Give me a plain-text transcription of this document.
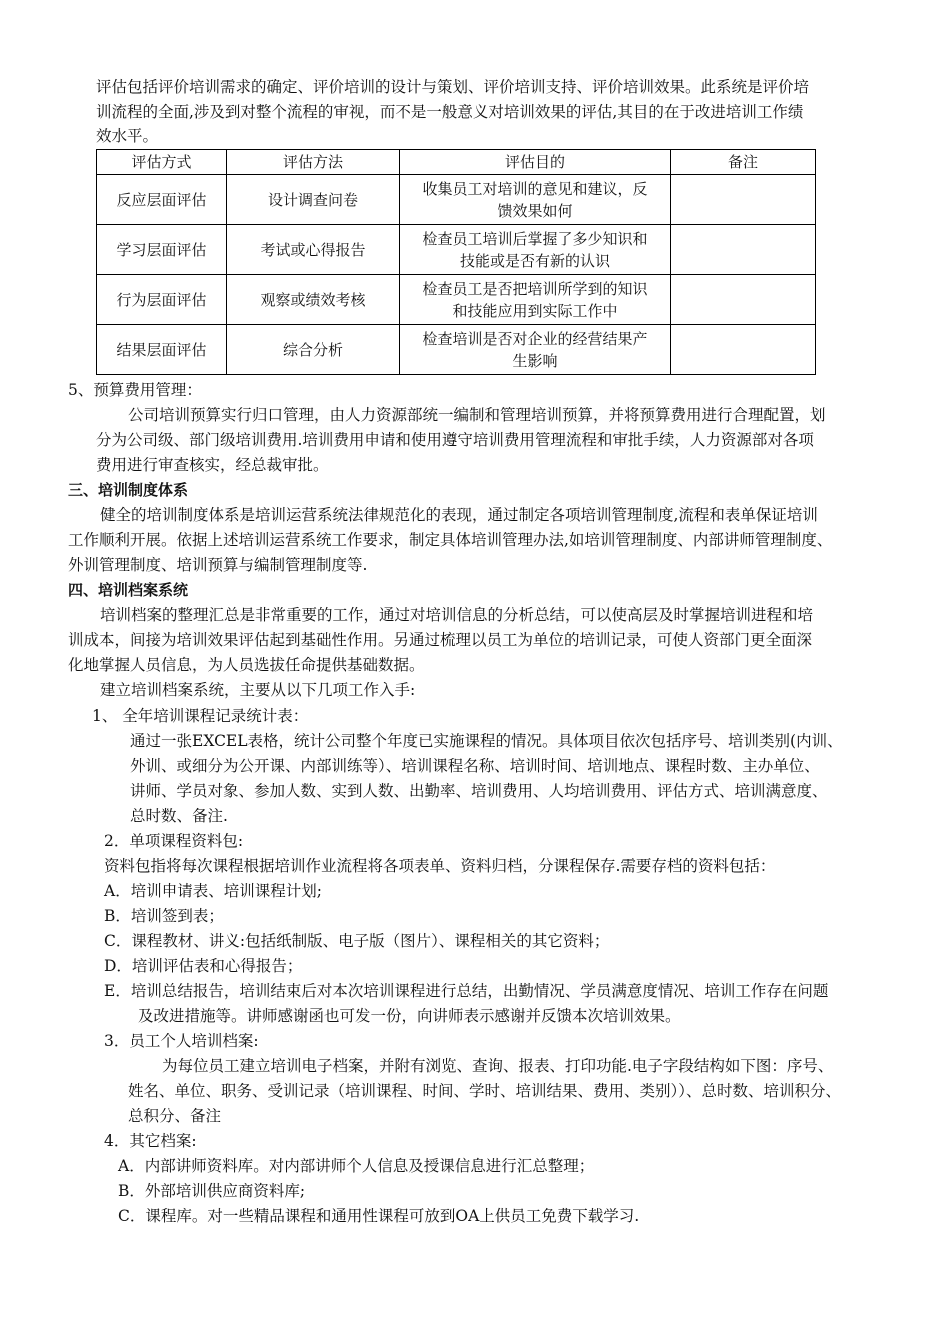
评估包括评价培训需求的确定、评价培训的设计与策划、评价培训支持、评价培训效果。此系统是评价培

训流程的全面,涉及到对整个流程的审视，而不是一般意义对培训效果的评估,其目的在于改进培训工作绩

效水平。

评估方式	评估方法	评估目的	备注
反应层面评估	设计调查问卷	收集员工对培训的意见和建议，反
馈效果如何	
学习层面评估	考试或心得报告	检查员工培训后掌握了多少知识和
技能或是否有新的认识	
行为层面评估	观察或绩效考核	检查员工是否把培训所学到的知识
和技能应用到实际工作中	
结果层面评估	综合分析	检查培训是否对企业的经营结果产
生影响	

5、预算费用管理：

公司培训预算实行归口管理，由人力资源部统一编制和管理培训预算，并将预算费用进行合理配置，划

分为公司级、部门级培训费用.培训费用申请和使用遵守培训费用管理流程和审批手续，人力资源部对各项

费用进行审查核实，经总裁审批。

三、培训制度体系

健全的培训制度体系是培训运营系统法律规范化的表现，通过制定各项培训管理制度,流程和表单保证培训

工作顺利开展。依据上述培训运营系统工作要求，制定具体培训管理办法,如培训管理制度、内部讲师管理制度、

外训管理制度、培训预算与编制管理制度等.

四、培训档案系统

培训档案的整理汇总是非常重要的工作，通过对培训信息的分析总结，可以使高层及时掌握培训进程和培

训成本，间接为培训效果评估起到基础性作用。另通过梳理以员工为单位的培训记录，可使人资部门更全面深

化地掌握人员信息，为人员选拔任命提供基础数据。

建立培训档案系统，主要从以下几项工作入手:

1、 全年培训课程记录统计表：

通过一张EXCEL表格，统计公司整个年度已实施课程的情况。具体项目依次包括序号、培训类别(内训、

外训、或细分为公开课、内部训练等）、培训课程名称、培训时间、培训地点、课程时数、主办单位、

讲师、学员对象、参加人数、实到人数、出勤率、培训费用、人均培训费用、评估方式、培训满意度、

总时数、备注.

2．单项课程资料包:

资料包指将每次课程根据培训作业流程将各项表单、资料归档，分课程保存.需要存档的资料包括：

A．培训申请表、培训课程计划;

B．培训签到表；

C．课程教材、讲义:包括纸制版、电子版（图片）、课程相关的其它资料；

D．培训评估表和心得报告；

E．培训总结报告，培训结束后对本次培训课程进行总结，出勤情况、学员满意度情况、培训工作存在问题

及改进措施等。讲师感谢函也可发一份，向讲师表示感谢并反馈本次培训效果。

3．员工个人培训档案:

为每位员工建立培训电子档案，并附有浏览、查询、报表、打印功能.电子字段结构如下图：序号、

姓名、单位、职务、受训记录（培训课程、时间、学时、培训结果、费用、类别））、总时数、培训积分、

总积分、备注

4．其它档案:

A．内部讲师资料库。对内部讲师个人信息及授课信息进行汇总整理；

B．外部培训供应商资料库;

C．课程库。对一些精品课程和通用性课程可放到OA上供员工免费下载学习.
